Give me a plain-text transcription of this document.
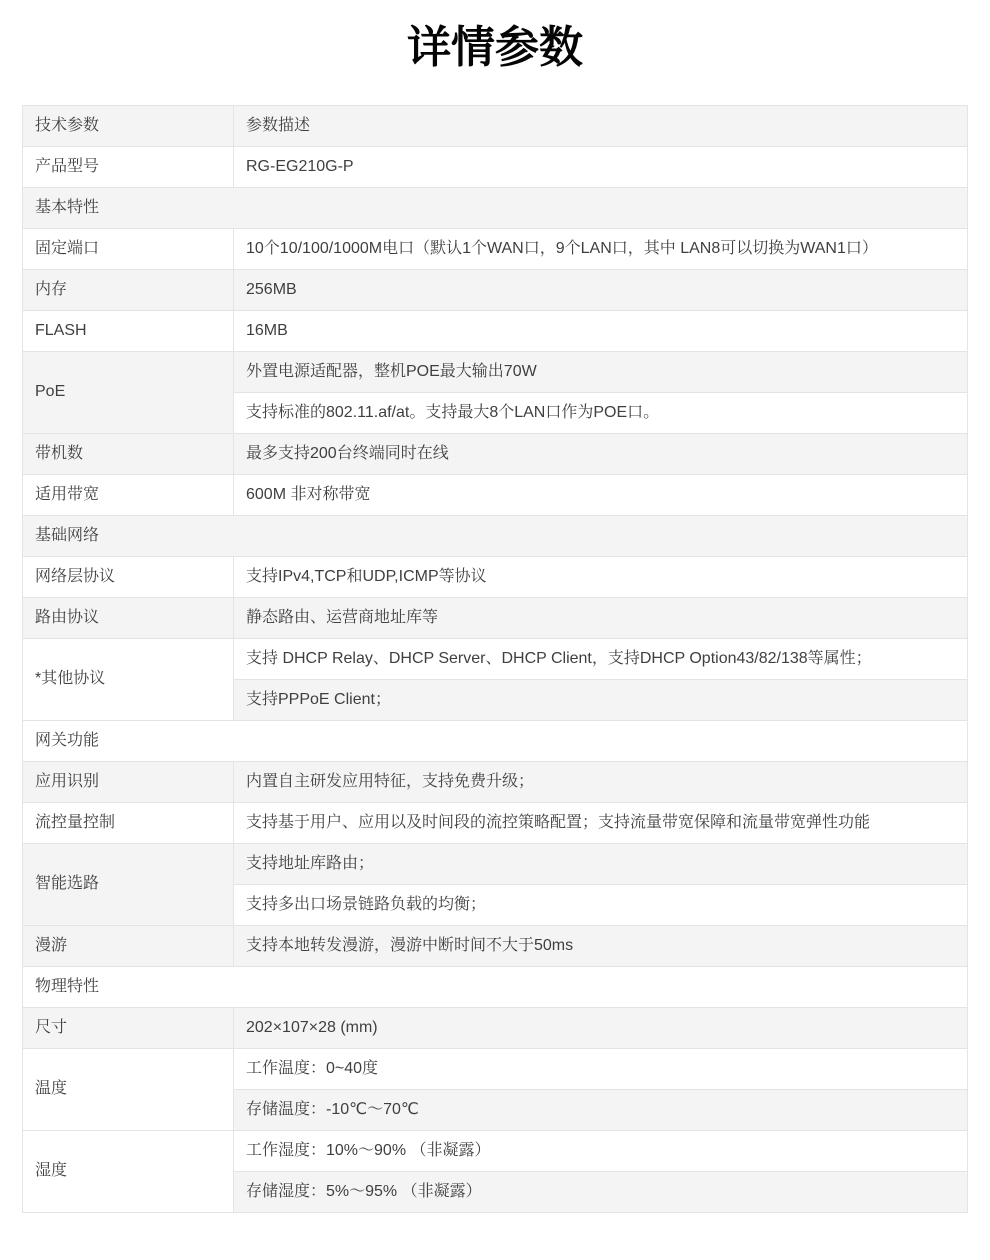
详情参数
技术参数	参数描述
产品型号	RG-EG210G-P
基本特性	
固定端口	10个10/100/1000M电口（默认1个WAN口，9个LAN口，其中 LAN8可以切换为WAN1口）
内存	256MB
FLASH	16MB
PoE	外置电源适配器，整机POE最大输出70W
	支持标准的802.11.af/at。支持最大8个LAN口作为POE口。
带机数	最多支持200台终端同时在线
适用带宽	600M 非对称带宽
基础网络	
网络层协议	支持IPv4,TCP和UDP,ICMP等协议
路由协议	静态路由、运营商地址库等
*其他协议	支持 DHCP Relay、DHCP Server、DHCP Client，支持DHCP Option43/82/138等属性；
	支持PPPoE Client；
网关功能	
应用识别	内置自主研发应用特征，支持免费升级；
流控量控制	支持基于用户、应用以及时间段的流控策略配置；支持流量带宽保障和流量带宽弹性功能
智能选路	支持地址库路由；
	支持多出口场景链路负载的均衡；
漫游	支持本地转发漫游，漫游中断时间不大于50ms
物理特性	
尺寸	202×107×28 (mm)
温度	工作温度：0~40度
	存储温度：-10℃〜70℃
湿度	工作湿度：10%〜90% （非凝露）
	存储湿度：5%〜95% （非凝露）
